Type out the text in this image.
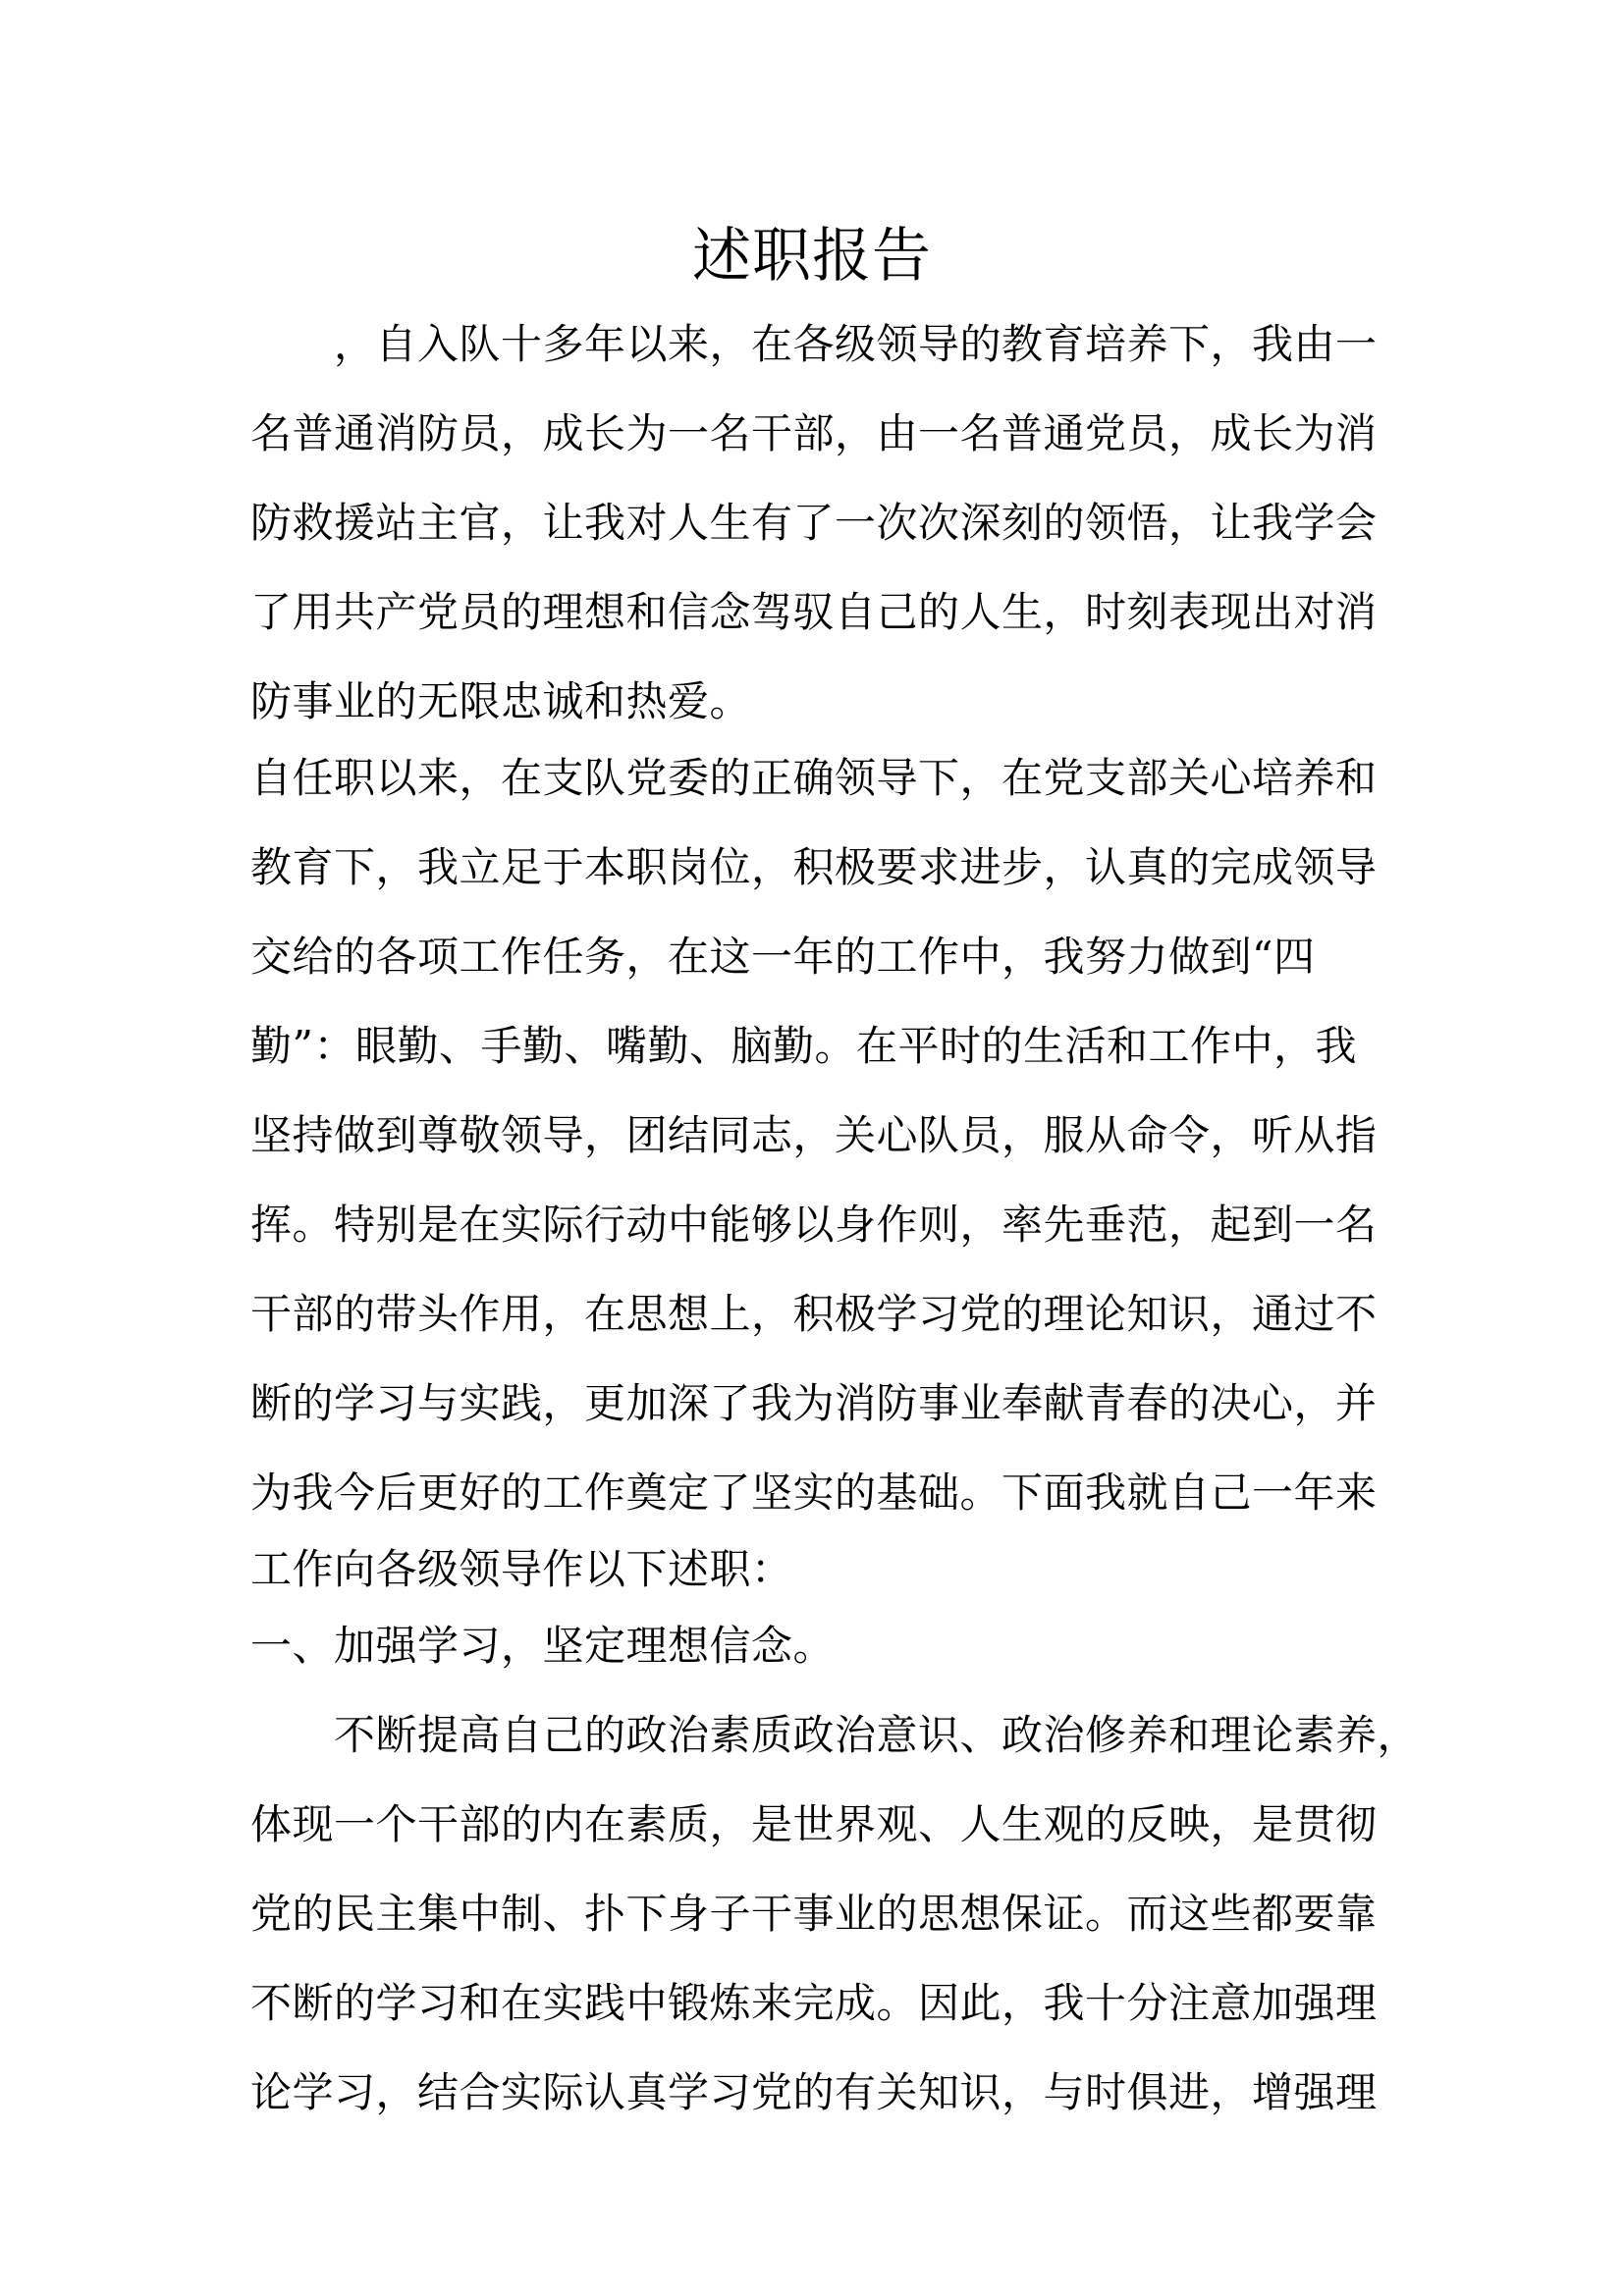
述职报告
　　，自入队十多年以来，在各级领导的教育培养下，我由一
名普通消防员，成长为一名干部，由一名普通党员，成长为消
防救援站主官，让我对人生有了一次次深刻的领悟，让我学会
了用共产党员的理想和信念驾驭自己的人生，时刻表现出对消
防事业的无限忠诚和热爱。
自任职以来，在支队党委的正确领导下，在党支部关心培养和
教育下，我立足于本职岗位，积极要求进步，认真的完成领导
交给的各项工作任务，在这一年的工作中，我努力做到“四
勤”：眼勤、手勤、嘴勤、脑勤。在平时的生活和工作中，我
坚持做到尊敬领导，团结同志，关心队员，服从命令，听从指
挥。特别是在实际行动中能够以身作则，率先垂范，起到一名
干部的带头作用，在思想上，积极学习党的理论知识，通过不
断的学习与实践，更加深了我为消防事业奉献青春的决心，并
为我今后更好的工作奠定了坚实的基础。下面我就自己一年来
工作向各级领导作以下述职：
一、加强学习，坚定理想信念。
　　不断提高自己的政治素质政治意识、政治修养和理论素养，
体现一个干部的内在素质，是世界观、人生观的反映，是贯彻
党的民主集中制、扑下身子干事业的思想保证。而这些都要靠
不断的学习和在实践中锻炼来完成。因此，我十分注意加强理
论学习，结合实际认真学习党的有关知识，与时俱进，增强理
